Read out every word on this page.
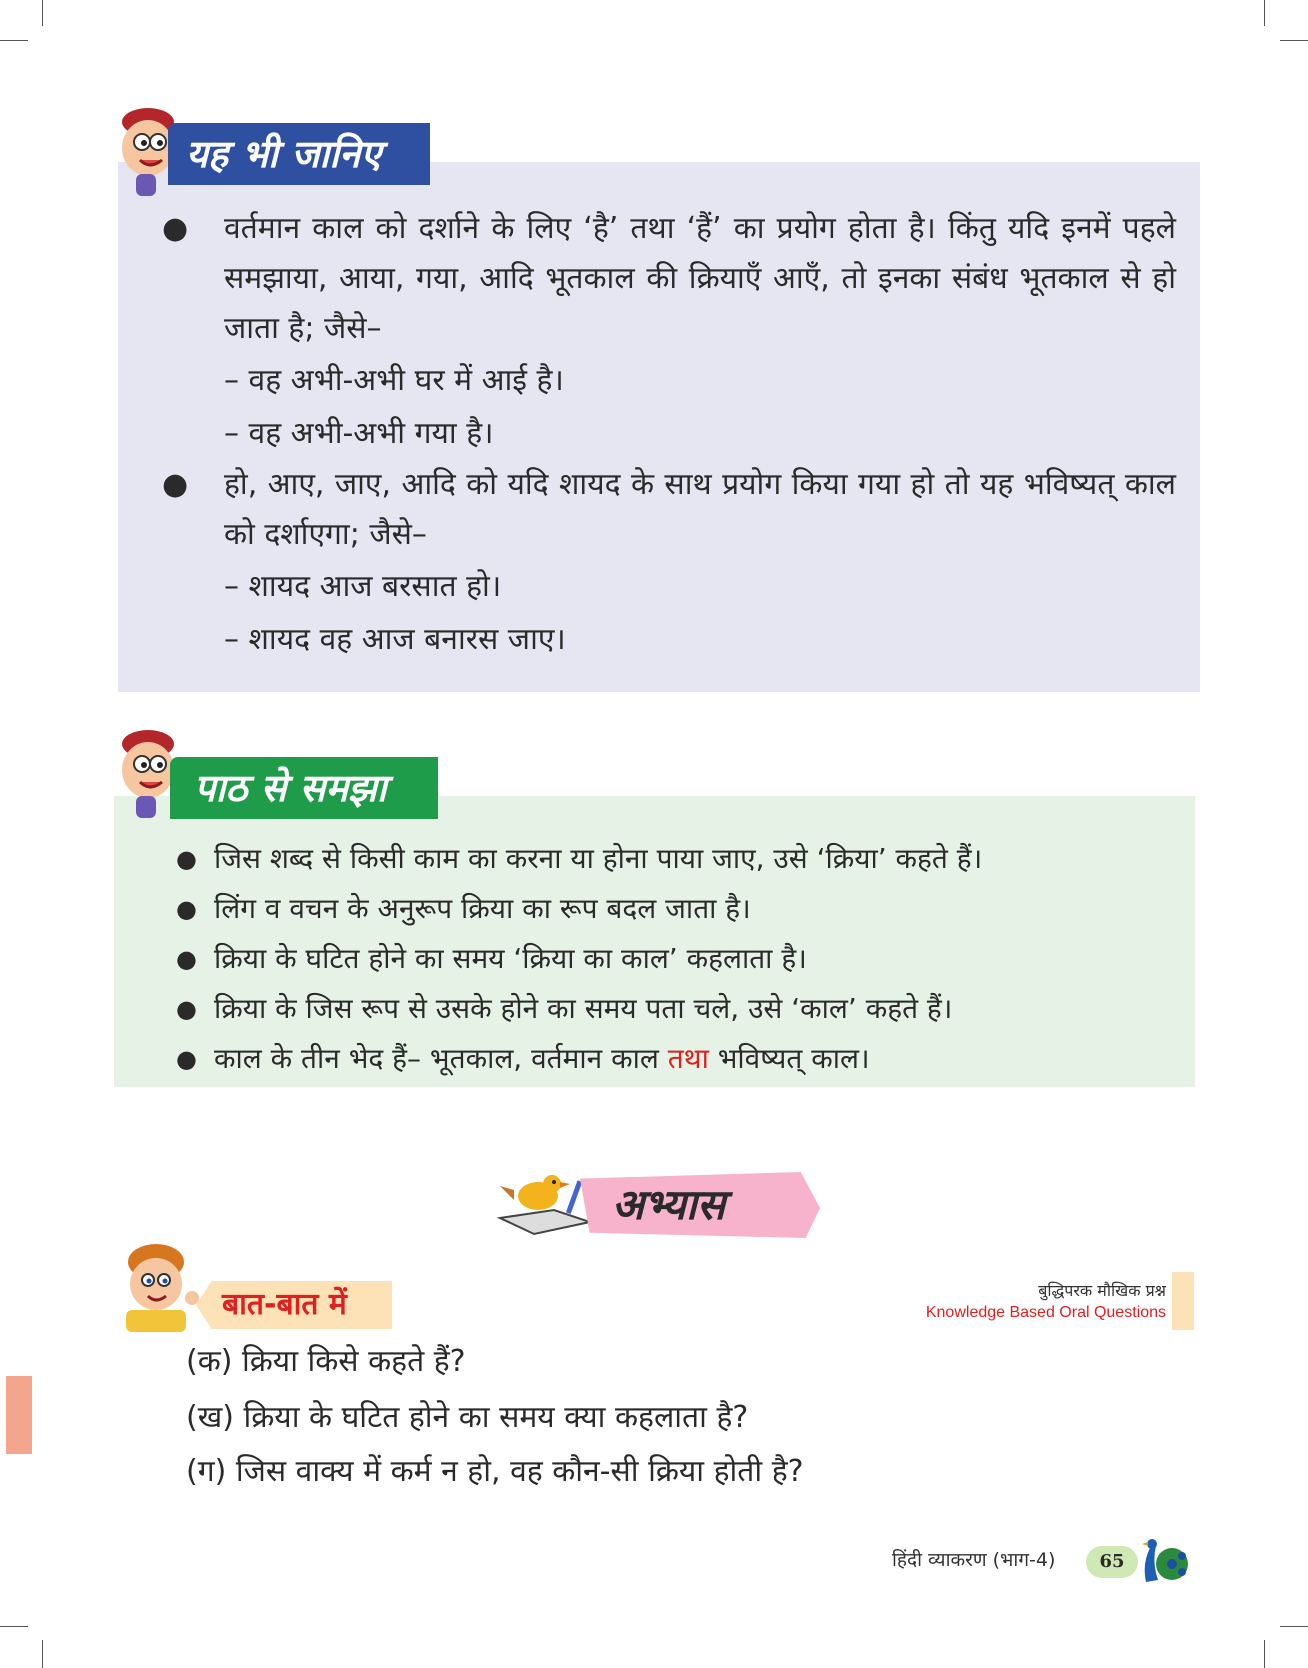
● वर्तमान काल को दर्शाने के लिए ‘है’ तथा ‘हैं’ का प्रयोग होता है। किंतु यदि इनमें पहले समझाया, आया, गया, आदि भूतकाल की क्रियाएँ आएँ, तो इनका संबंध भूतकाल से हो जाता है; जैसे–
– वह अभी-अभी घर में आई है।
– वह अभी-अभी गया है।
● हो, आए, जाए, आदि को यदि शायद के साथ प्रयोग किया गया हो तो यह भविष्यत् काल को दर्शाएगा; जैसे–
– शायद आज बरसात हो।
– शायद वह आज बनारस जाए।
यह भी जानिए
● जिस शब्द से किसी काम का करना या होना पाया जाए, उसे ‘क्रिया’ कहते हैं।
● लिंग व वचन के अनुरूप क्रिया का रूप बदल जाता है।
● क्रिया के घटित होने का समय ‘क्रिया का काल’ कहलाता है।
● क्रिया के जिस रूप से उसके होने का समय पता चले, उसे ‘काल’ कहते हैं।
● काल के तीन भेद हैं– भूतकाल, वर्तमान काल तथा भविष्यत् काल।
पाठ से समझा
अभ्यास
बात-बात में	बुद्धिपरक मौखिक प्रश्न
Knowledge Based Oral Questions
(क) क्रिया किसे कहते हैं?
(ख) क्रिया के घटित होने का समय क्या कहलाता है?
(ग) जिस वाक्य में कर्म न हो, वह कौन-सी क्रिया होती है?
हिंदी व्याकरण (भाग-4)	65
